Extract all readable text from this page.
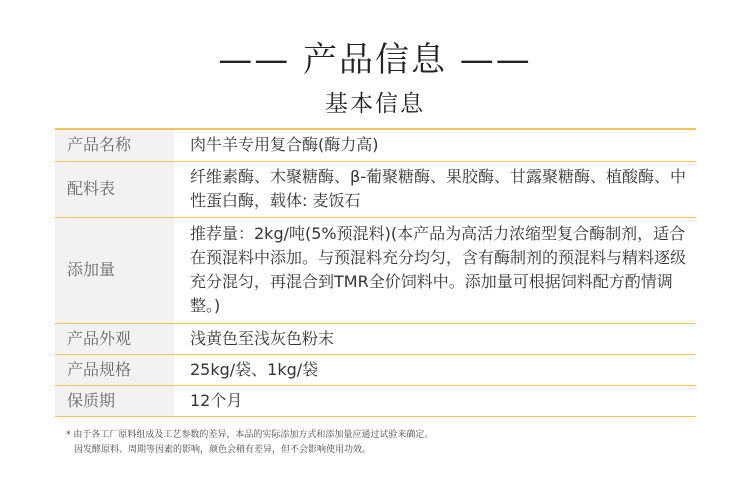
—— 产品信息 ——
基本信息
产品名称	肉牛羊专用复合酶(酶力高)
配料表	纤维素酶、木聚糖酶、β-葡聚糖酶、果胶酶、甘露聚糖酶、植酸酶、中性蛋白酶，载体: 麦饭石
添加量	推荐量：2kg/吨(5%预混料)(本产品为高活力浓缩型复合酶制剂，适合在预混料中添加。与预混料充分均匀，含有酶制剂的预混料与精料逐级充分混匀，再混合到TMR全价饲料中。添加量可根据饲料配方酌情调整。)
产品外观	浅黄色至浅灰色粉末
产品规格	25kg/袋、1kg/袋
保质期	12个月
* 由于各工厂原料组成及工艺参数的差异，本品的实际添加方式和添加量应通过试验来确定。
因发酵原料、周期等因素的影响，颜色会稍有差异，但不会影响使用功效。
